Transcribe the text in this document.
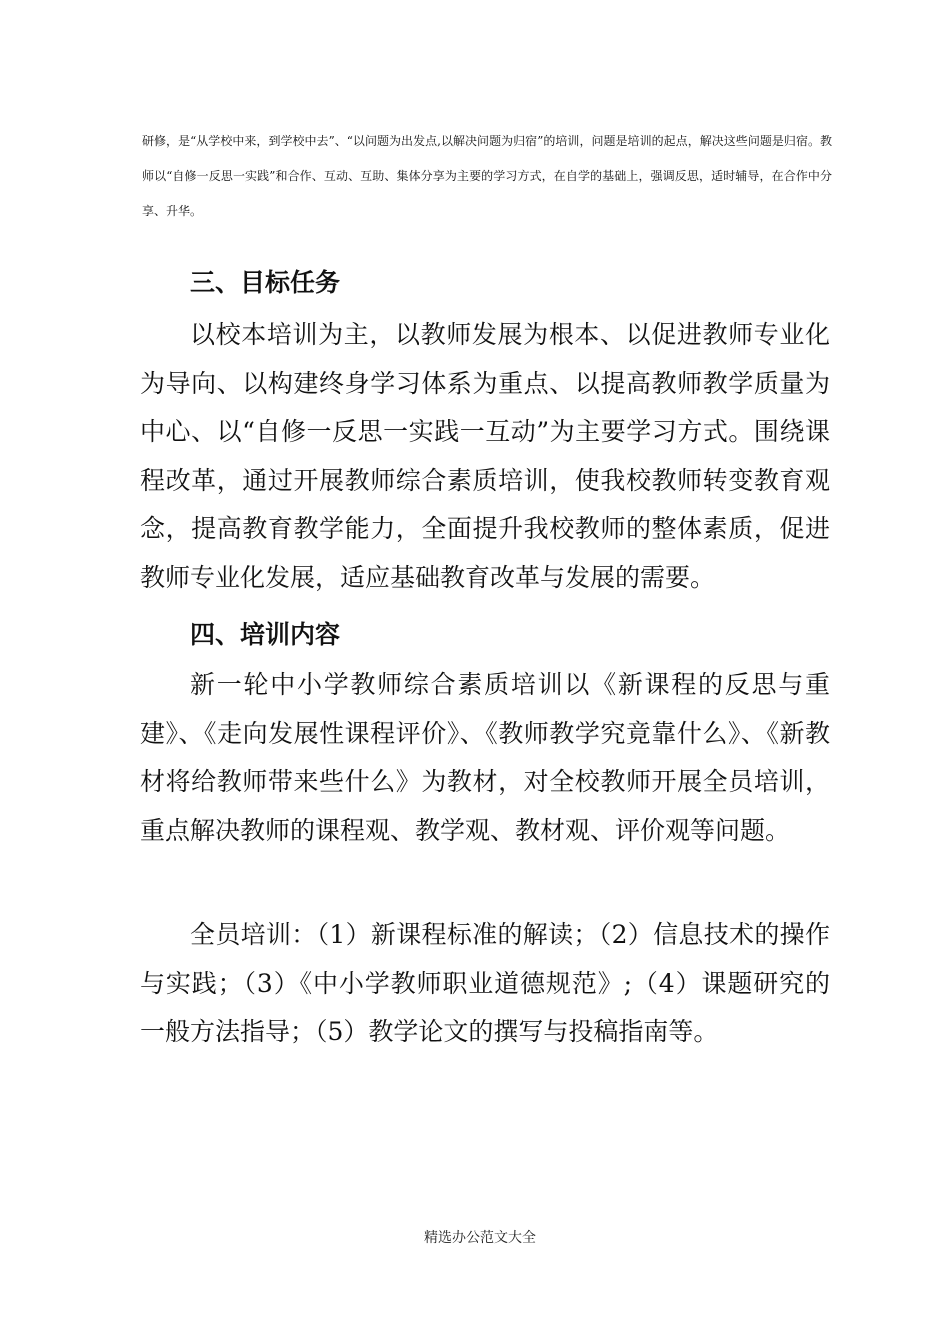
研修，是“从学校中来，到学校中去”、“以问题为出发点,以解决问题为归宿”的培训，问题是培训的起点，解决这些问题是归宿。教师以“自修一反思一实践”和合作、互动、互助、集体分享为主要的学习方式，在自学的基础上，强调反思，适时辅导，在合作中分享、升华。

三、目标任务

以校本培训为主，以教师发展为根本、以促进教师专业化为导向、以构建终身学习体系为重点、以提高教师教学质量为中心、以“自修一反思一实践一互动”为主要学习方式。围绕课程改革，通过开展教师综合素质培训，使我校教师转变教育观念，提高教育教学能力，全面提升我校教师的整体素质，促进教师专业化发展，适应基础教育改革与发展的需要。

四、培训内容

新一轮中小学教师综合素质培训以《新课程的反思与重建》、《走向发展性课程评价》、《教师教学究竟靠什么》、《新教材将给教师带来些什么》为教材，对全校教师开展全员培训，重点解决教师的课程观、教学观、教材观、评价观等问题。

全员培训：（1）新课程标准的解读；（2）信息技术的操作与实践；（3）《中小学教师职业道德规范》;（4）课题研究的一般方法指导；（5）教学论文的撰写与投稿指南等。

精选办公范文大全
